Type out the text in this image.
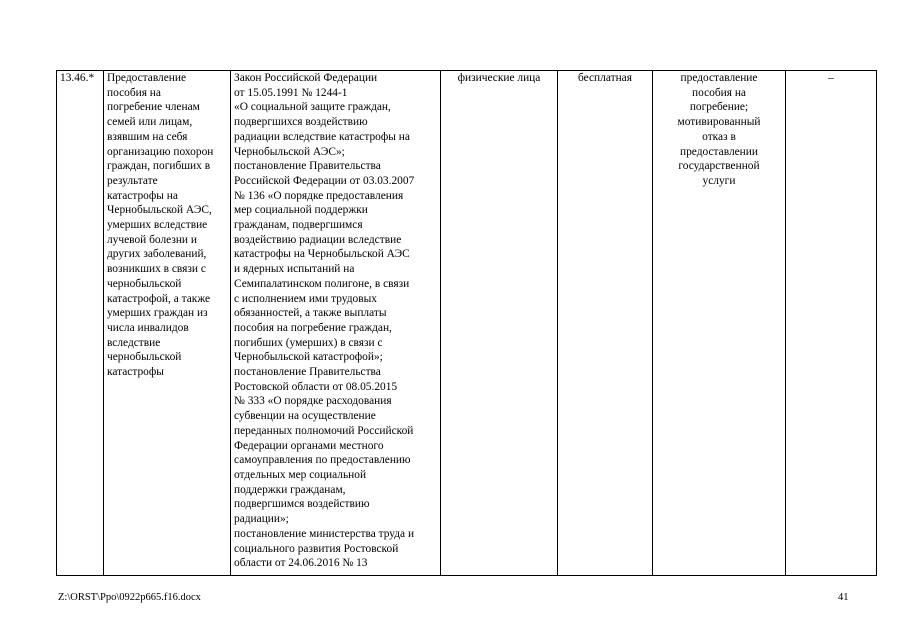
13.46.*	Предоставление
пособия на
погребение членам
семей или лицам,
взявшим на себя
организацию похорон
граждан, погибших в
результате
катастрофы на
Чернобыльской АЭС,
умерших вследствие
лучевой болезни и
других заболеваний,
возникших в связи с
чернобыльской
катастрофой, а также
умерших граждан из
числа инвалидов
вследствие
чернобыльской
катастрофы

Закон Российской Федерации
от 15.05.1991 № 1244-1
«О социальной защите граждан,
подвергшихся воздействию
радиации вследствие катастрофы на
Чернобыльской АЭС»;
постановление Правительства
Российской Федерации от 03.03.2007
№ 136 «О порядке предоставления
мер социальной поддержки
гражданам, подвергшимся
воздействию радиации вследствие
катастрофы на Чернобыльской АЭС
и ядерных испытаний на
Семипалатинском полигоне, в связи
с исполнением ими трудовых
обязанностей, а также выплаты
пособия на погребение граждан,
погибших (умерших) в связи с
Чернобыльской катастрофой»;
постановление Правительства
Ростовской области от 08.05.2015
№ 333 «О порядке расходования
субвенции на осуществление
переданных полномочий Российской
Федерации органами местного
самоуправления по предоставлению
отдельных мер социальной
поддержки гражданам,
подвергшимся воздействию
радиации»;
постановление министерства труда и
социального развития Ростовской
области от 24.06.2016 № 13

физические лица	бесплатная	предоставление
пособия на
погребение;
мотивированный
отказ в
предоставлении
государственной
услуги

–
Z:\ORST\Ppo\0922p665.f16.docx	41
